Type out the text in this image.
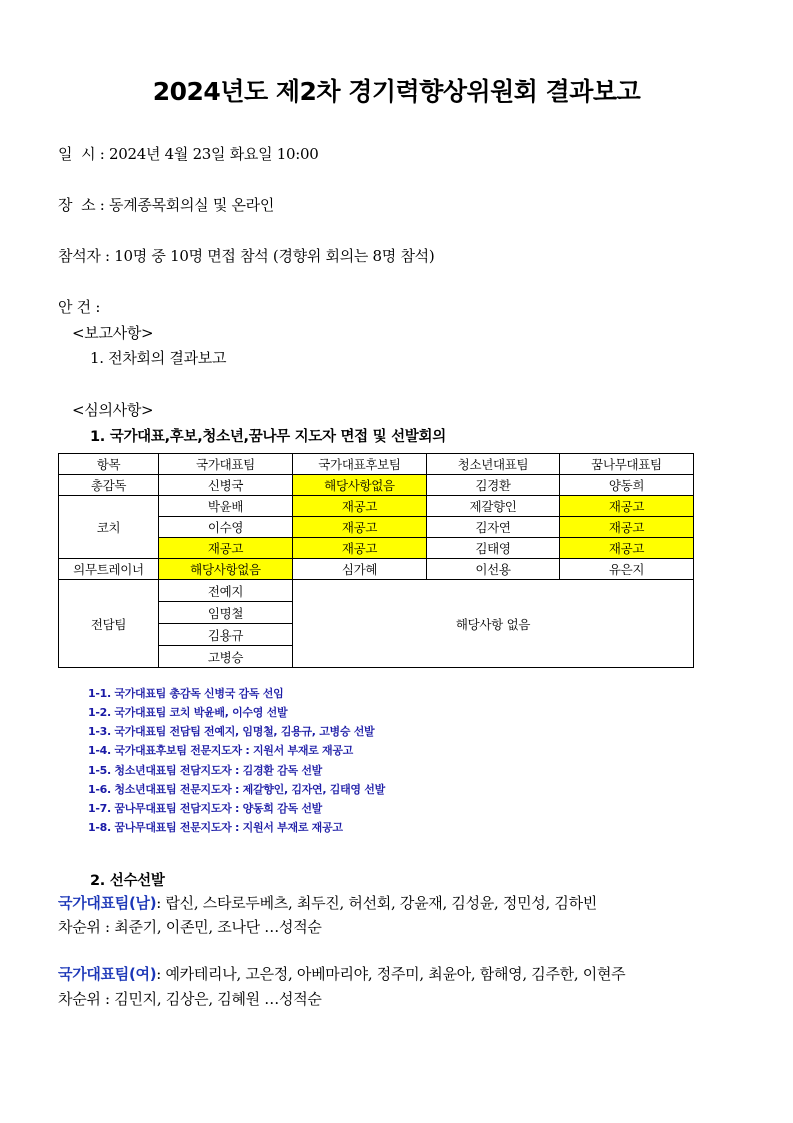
2024년도 제2차 경기력향상위원회 결과보고
일  시 : 2024년 4월 23일 화요일 10:00
장  소 : 동계종목회의실 및 온라인
참석자 : 10명 중 10명 면접 참석 (경향위 회의는 8명 참석)
안 건 :
<보고사항>
1. 전차회의 결과보고
<심의사항>
1. 국가대표,후보,청소년,꿈나무 지도자 면접 및 선발회의
항목	국가대표팀	국가대표후보팀	청소년대표팀	꿈나무대표팀
총감독	신병국	해당사항없음	김경환	양동희
코치	박윤배	재공고	제갈향인	재공고
	이수영	재공고	김자연	재공고
	재공고	재공고	김태영	재공고
의무트레이너	해당사항없음	심가혜	이선용	유은지
전담팀	전예지	해당사항 없음		
	임명철			
	김용규			
	고병승			
1-1. 국가대표팀 총감독 신병국 감독 선임
1-2. 국가대표팀 코치 박윤배, 이수영 선발
1-3. 국가대표팀 전담팀 전예지, 임명철, 김용규, 고병승 선발
1-4. 국가대표후보팀 전문지도자 : 지원서 부재로 재공고
1-5. 청소년대표팀 전담지도자 : 김경환 감독 선발
1-6. 청소년대표팀 전문지도자 : 제갈향인, 김자연, 김태영 선발
1-7. 꿈나무대표팀 전담지도자 : 양동희 감독 선발
1-8. 꿈나무대표팀 전문지도자 : 지원서 부재로 재공고
2. 선수선발
국가대표팀(남): 랍신, 스타로두베츠, 최두진, 허선회, 강윤재, 김성윤, 정민성, 김하빈
차순위 : 최준기, 이존민, 조나단 …성적순
국가대표팀(여): 예카테리나, 고은정, 아베마리야, 정주미, 최윤아, 함해영, 김주한, 이현주
차순위 : 김민지, 김상은, 김혜원 …성적순
